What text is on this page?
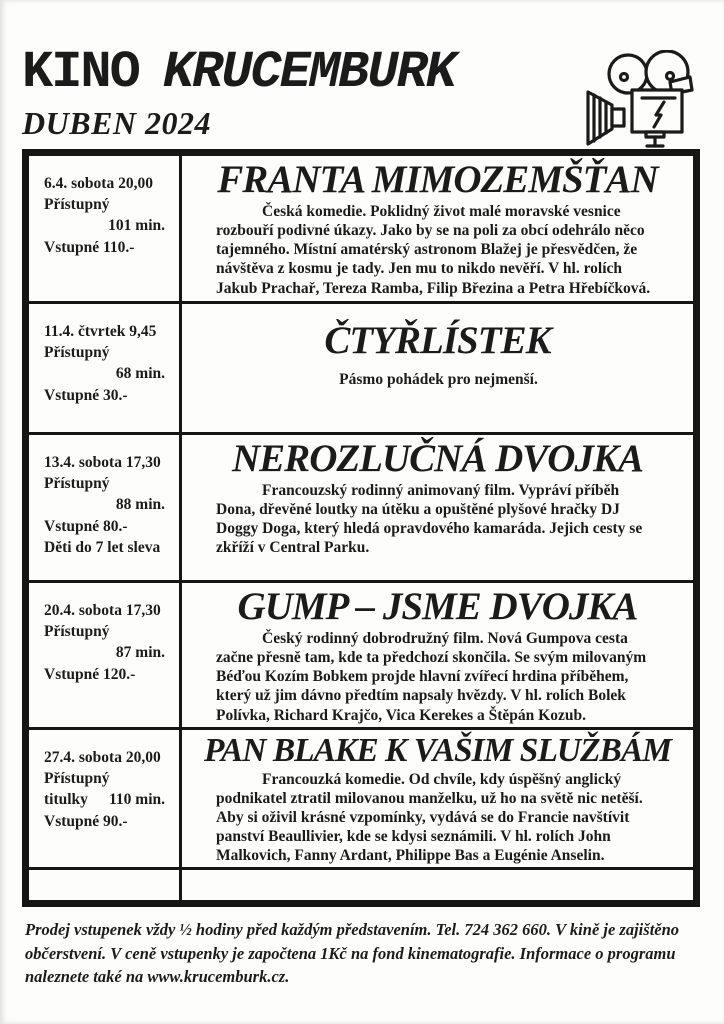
KINO KRUCEMBURK
DUBEN 2024
6.4. sobota 20,00
Přístupný
101 min.
Vstupné 110.-
FRANTA MIMOZEMŠŤAN
Česká komedie. Poklidný život malé moravské vesnice rozbouří podivné úkazy. Jako by se na poli za obcí odehrálo něco tajemného. Místní amatérský astronom Blažej je přesvědčen, že návštěva z kosmu je tady. Jen mu to nikdo nevěří. V hl. rolích Jakub Prachař, Tereza Ramba, Filip Březina a Petra Hřebíčková.
11.4. čtvrtek 9,45
Přístupný
68 min.
Vstupné 30.-
ČTYŘLÍSTEK
Pásmo pohádek pro nejmenší.
13.4. sobota 17,30
Přístupný
88 min.
Vstupné 80.-
Děti do 7 let sleva
NEROZLUČNÁ DVOJKA
Francouzský rodinný animovaný film. Vypráví příběh Dona, dřevěné loutky na útěku a opuštěné plyšové hračky DJ Doggy Doga, který hledá opravdového kamaráda. Jejich cesty se zkříží v Central Parku.
20.4. sobota 17,30
Přístupný
87 min.
Vstupné 120.-
GUMP – JSME DVOJKA
Český rodinný dobrodružný film. Nová Gumpova cesta začne přesně tam, kde ta předchozí skončila. Se svým milovaným Béďou Kozím Bobkem projde hlavní zvířecí hrdina příběhem, který už jim dávno předtím napsaly hvězdy. V hl. rolích Bolek Polívka, Richard Krajčo, Vica Kerekes a Štěpán Kozub.
27.4. sobota 20,00
Přístupný
titulky 110 min.
Vstupné 90.-
PAN BLAKE K VAŠIM SLUŽBÁM
Francouzká komedie. Od chvíle, kdy úspěšný anglický podnikatel ztratil milovanou manželku, už ho na světě nic netěší. Aby si oživil krásné vzpomínky, vydává se do Francie navštívit panství Beaullivier, kde se kdysi seznámili. V hl. rolích John Malkovich, Fanny Ardant, Philippe Bas a Eugénie Anselin.
Prodej vstupenek vždy ½ hodiny před každým představením. Tel. 724 362 660. V kině je zajištěno občerstvení. V ceně vstupenky je započtena 1Kč na fond kinematografie. Informace o programu naleznete také na www.krucemburk.cz.
